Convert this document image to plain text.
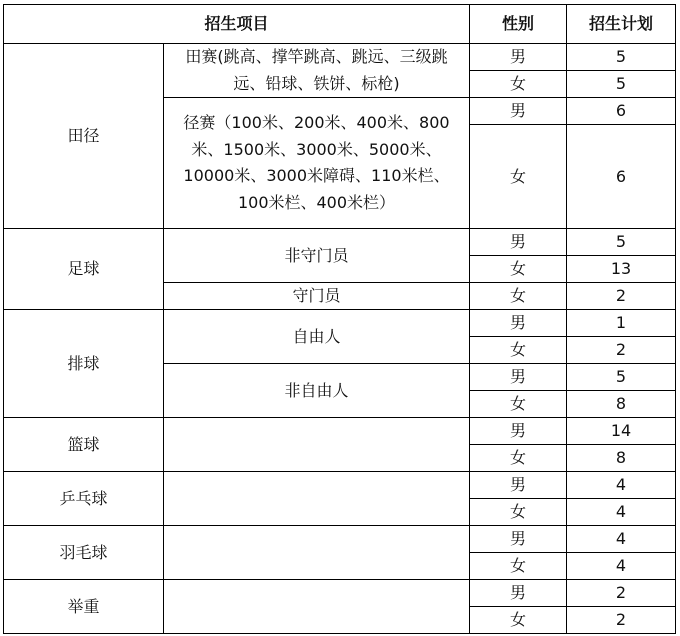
招生项目		性别	招生计划
田径	田赛(跳高、撑竿跳高、跳远、三级跳远、铅球、铁饼、标枪)	男	5
		女	5
	径赛（100米、200米、400米、800米、1500米、3000米、5000米、10000米、3000米障碍、110米栏、100米栏、400米栏）	男	6
		女	6
足球	非守门员	男	5
		女	13
	守门员	女	2
排球	自由人	男	1
		女	2
	非自由人	男	5
		女	8
篮球		男	14
		女	8
乒乓球		男	4
		女	4
羽毛球		男	4
		女	4
举重		男	2
		女	2
